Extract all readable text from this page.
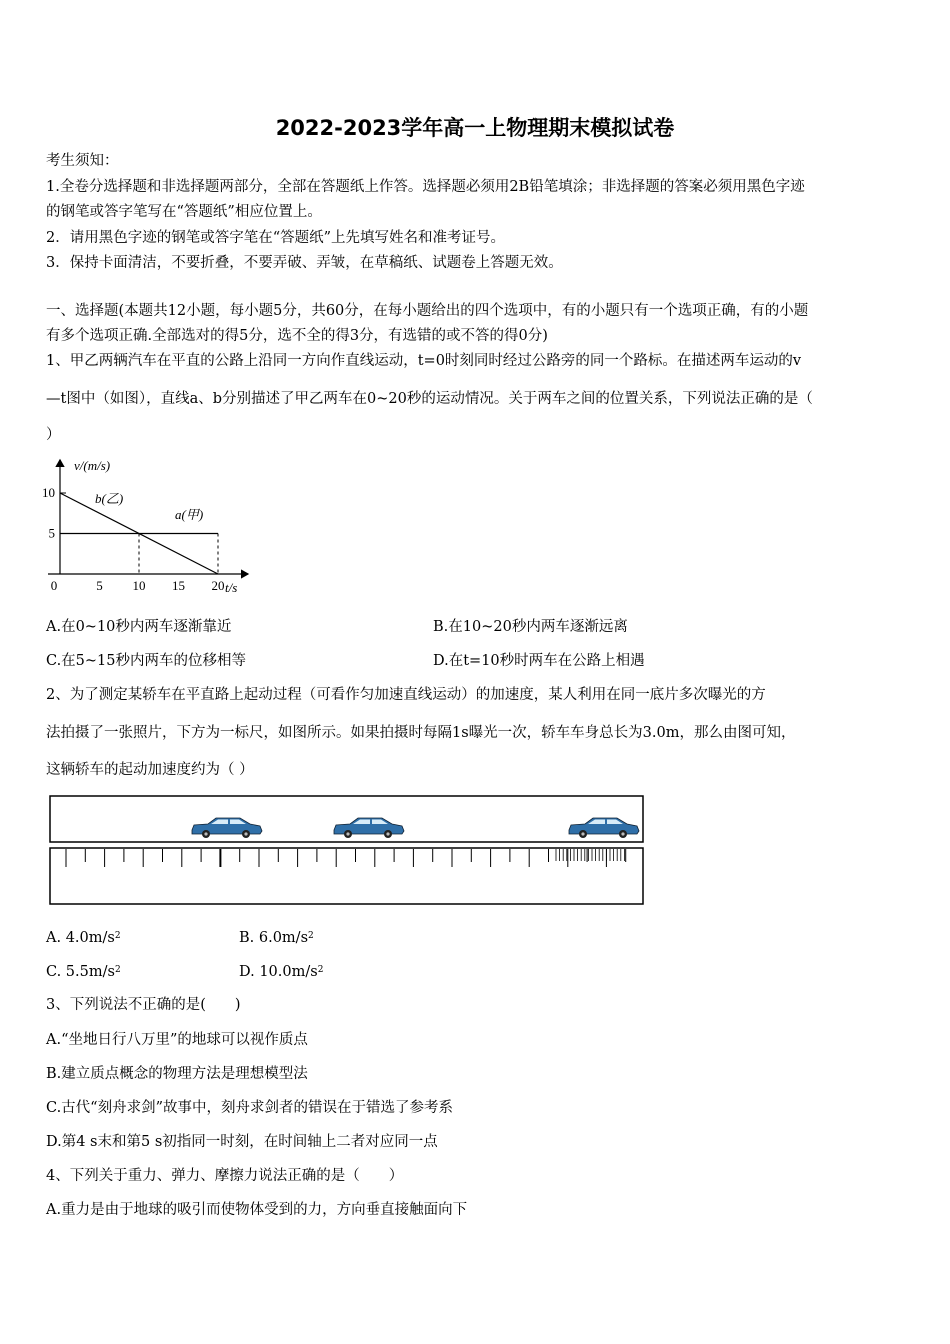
2022-2023学年高一上物理期末模拟试卷
考生须知：
1.全卷分选择题和非选择题两部分，全部在答题纸上作答。选择题必须用2B铅笔填涂；非选择题的答案必须用黑色字迹
的钢笔或答字笔写在“答题纸”相应位置上。
2．请用黑色字迹的钢笔或答字笔在“答题纸”上先填写姓名和准考证号。
3．保持卡面清洁，不要折叠，不要弄破、弄皱，在草稿纸、试题卷上答题无效。
一、选择题(本题共12小题，每小题5分，共60分，在每小题给出的四个选项中，有的小题只有一个选项正确，有的小题
有多个选项正确.全部选对的得5分，选不全的得3分，有选错的或不答的得0分)
1、甲乙两辆汽车在平直的公路上沿同一方向作直线运动，t=0时刻同时经过公路旁的同一个路标。在描述两车运动的v
—t图中（如图），直线a、b分别描述了甲乙两车在0~20秒的运动情况。关于两车之间的位置关系，下列说法正确的是（
）
v/(m/s)
t/s
0	5 10 15 20
5
10	b(乙)
a(甲)
A.在0~10秒内两车逐渐靠近	B.在10~20秒内两车逐渐远离
C.在5~15秒内两车的位移相等	D.在t=10秒时两车在公路上相遇
2、为了测定某轿车在平直路上起动过程（可看作匀加速直线运动）的加速度，某人利用在同一底片多次曝光的方
法拍摄了一张照片，下方为一标尺，如图所示。如果拍摄时每隔1s曝光一次，轿车车身总长为3.0m，那么由图可知，
这辆轿车的起动加速度约为（ ）
A. $4.0m/s^2$	B. $6.0m/s^2$
C. $5.5m/s^2$	D. $10.0m/s^2$
3、下列说法不正确的是(　　)
A.“坐地日行八万里”的地球可以视作质点
B.建立质点概念的物理方法是理想模型法
C.古代“刻舟求剑”故事中，刻舟求剑者的错误在于错选了参考系
D.第4 s末和第5 s初指同一时刻，在时间轴上二者对应同一点
4、下列关于重力、弹力、摩擦力说法正确的是（　　）
A.重力是由于地球的吸引而使物体受到的力，方向垂直接触面向下
